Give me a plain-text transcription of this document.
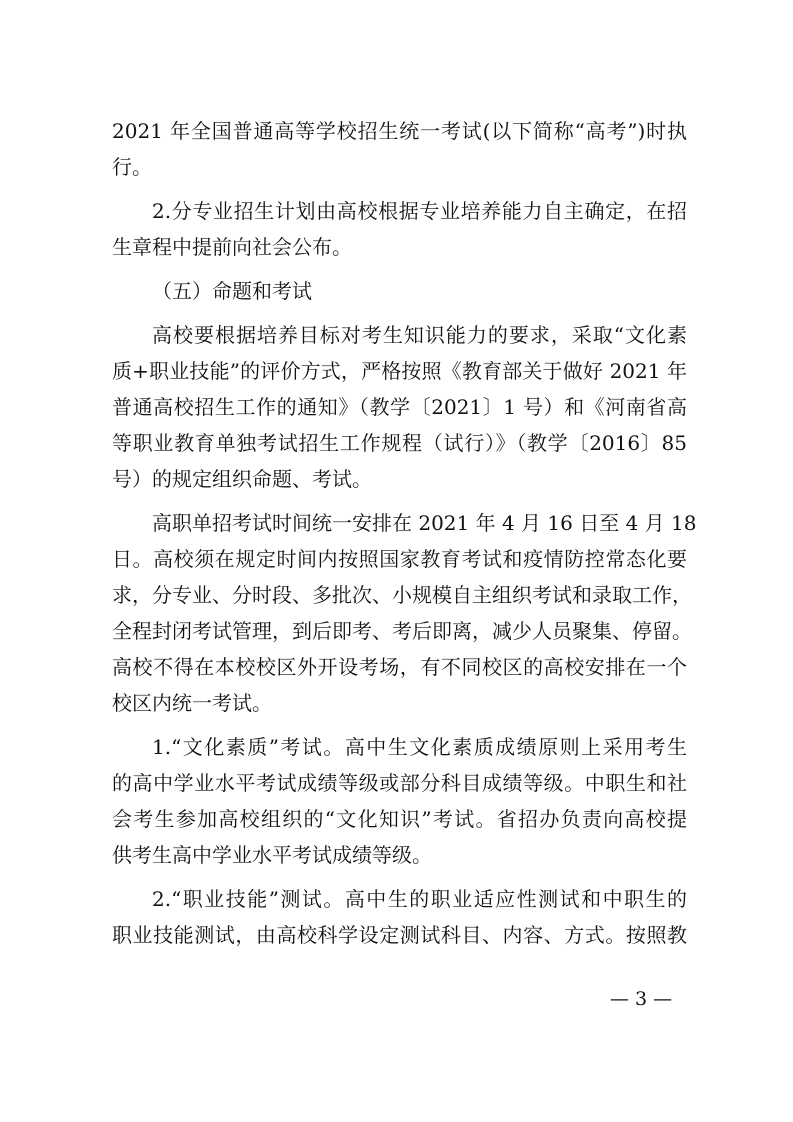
2021 年全国普通高等学校招生统一考试(以下简称“高考”)时执
行。
2.分专业招生计划由高校根据专业培养能力自主确定，在招
生章程中提前向社会公布。
（五）命题和考试
高校要根据培养目标对考生知识能力的要求，采取“文化素
质+职业技能”的评价方式，严格按照《教育部关于做好 2021 年
普通高校招生工作的通知》（教学〔2021〕1 号）和《河南省高
等职业教育单独考试招生工作规程（试行）》（教学〔2016〕85
号）的规定组织命题、考试。
高职单招考试时间统一安排在 2021 年 4 月 16 日至 4 月 18
日。高校须在规定时间内按照国家教育考试和疫情防控常态化要
求，分专业、分时段、多批次、小规模自主组织考试和录取工作，
全程封闭考试管理，到后即考、考后即离，减少人员聚集、停留。
高校不得在本校校区外开设考场，有不同校区的高校安排在一个
校区内统一考试。
1.“文化素质”考试。高中生文化素质成绩原则上采用考生
的高中学业水平考试成绩等级或部分科目成绩等级。中职生和社
会考生参加高校组织的“文化知识”考试。省招办负责向高校提
供考生高中学业水平考试成绩等级。
2.“职业技能”测试。高中生的职业适应性测试和中职生的
职业技能测试，由高校科学设定测试科目、内容、方式。按照教
— 3 —
